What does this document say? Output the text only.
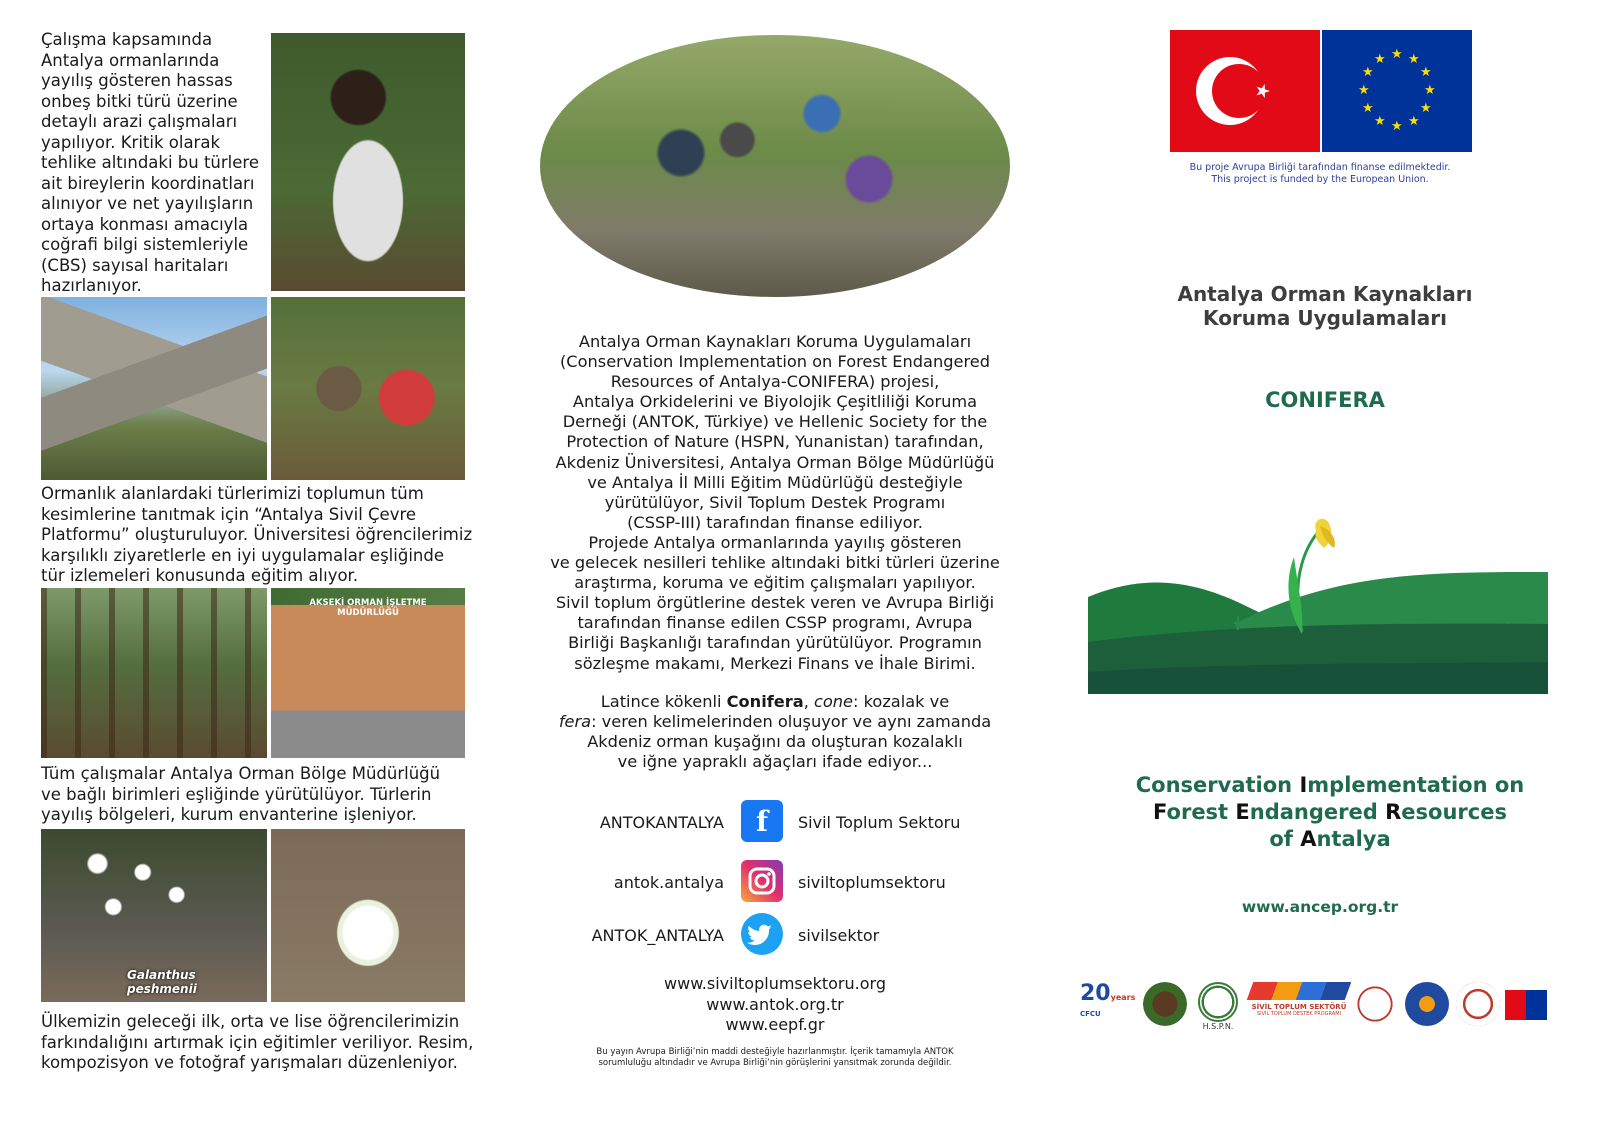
Çalışma kapsamında
Antalya ormanlarında
yayılış gösteren hassas
onbeş bitki türü üzerine
detaylı arazi çalışmaları
yapılıyor. Kritik olarak
tehlike altındaki bu türlere
ait bireylerin koordinatları
alınıyor ve net yayılışların
ortaya konması amacıyla
coğrafi bilgi sistemleriyle
(CBS) sayısal haritaları
hazırlanıyor.

Ormanlık alanlardaki türlerimizi toplumun tüm
kesimlerine tanıtmak için “Antalya Sivil Çevre
Platformu” oluşturuluyor. Üniversitesi öğrencilerimiz
karşılıklı ziyaretlerle en iyi uygulamalar eşliğinde
tür izlemeleri konusunda eğitim alıyor.

AKSEKİ ORMAN İŞLETME MÜDÜRLÜĞÜ

Tüm çalışmalar Antalya Orman Bölge Müdürlüğü
ve bağlı birimleri eşliğinde yürütülüyor. Türlerin
yayılış bölgeleri, kurum envanterine işleniyor.

Galanthus peshmenii

Ülkemizin geleceği ilk, orta ve lise öğrencilerimizin
farkındalığını artırmak için eğitimler veriliyor. Resim,
kompozisyon ve fotoğraf yarışmaları düzenleniyor.

Antalya Orman Kaynakları Koruma Uygulamaları
(Conservation Implementation on Forest Endangered
Resources of Antalya-CONIFERA) projesi,
Antalya Orkidelerini ve Biyolojik Çeşitliliği Koruma
Derneği (ANTOK, Türkiye) ve Hellenic Society for the
Protection of Nature (HSPN, Yunanistan) tarafından,
Akdeniz Üniversitesi, Antalya Orman Bölge Müdürlüğü
ve Antalya İl Milli Eğitim Müdürlüğü desteğiyle
yürütülüyor, Sivil Toplum Destek Programı
(CSSP-III) tarafından finanse ediliyor.
Projede Antalya ormanlarında yayılış gösteren
ve gelecek nesilleri tehlike altındaki bitki türleri üzerine
araştırma, koruma ve eğitim çalışmaları yapılıyor.
Sivil toplum örgütlerine destek veren ve Avrupa Birliği
tarafından finanse edilen CSSP programı, Avrupa
Birliği Başkanlığı tarafından yürütülüyor. Programın
sözleşme makamı, Merkezi Finans ve İhale Birimi.

Latince kökenli Conifera, cone: kozalak ve
fera: veren kelimelerinden oluşuyor ve aynı zamanda
Akdeniz orman kuşağını da oluşturan kozalaklı
ve iğne yapraklı ağaçları ifade ediyor...

ANTOKANTALYA	f	Sivil Toplum Sektoru
antok.antalya	siviltoplumsektoru
ANTOK_ANTALYA	sivilsektor
www.siviltoplumsektoru.org
www.antok.org.tr
www.eepf.gr
Bu yayın Avrupa Birliği’nin maddi desteğiyle hazırlanmıştır. İçerik tamamıyla ANTOK
sorumluluğu altındadır ve Avrupa Birliği’nin görüşlerini yansıtmak zorunda değildir.
★ ★
★
★
★
★
★
★
★
★
★
★
Bu proje Avrupa Birliği tarafından finanse edilmektedir.
This project is funded by the European Union.
Antalya Orman Kaynakları
Koruma Uygulamaları
CONIFERA
Conservation Implementation on
Forest Endangered Resources
of Antalya
www.ancep.org.tr
20years
CFCU
H.S.P.N.
SİVİL TOPLUM SEKTÖRÜ
SİVİL TOPLUM DESTEK PROGRAMI
